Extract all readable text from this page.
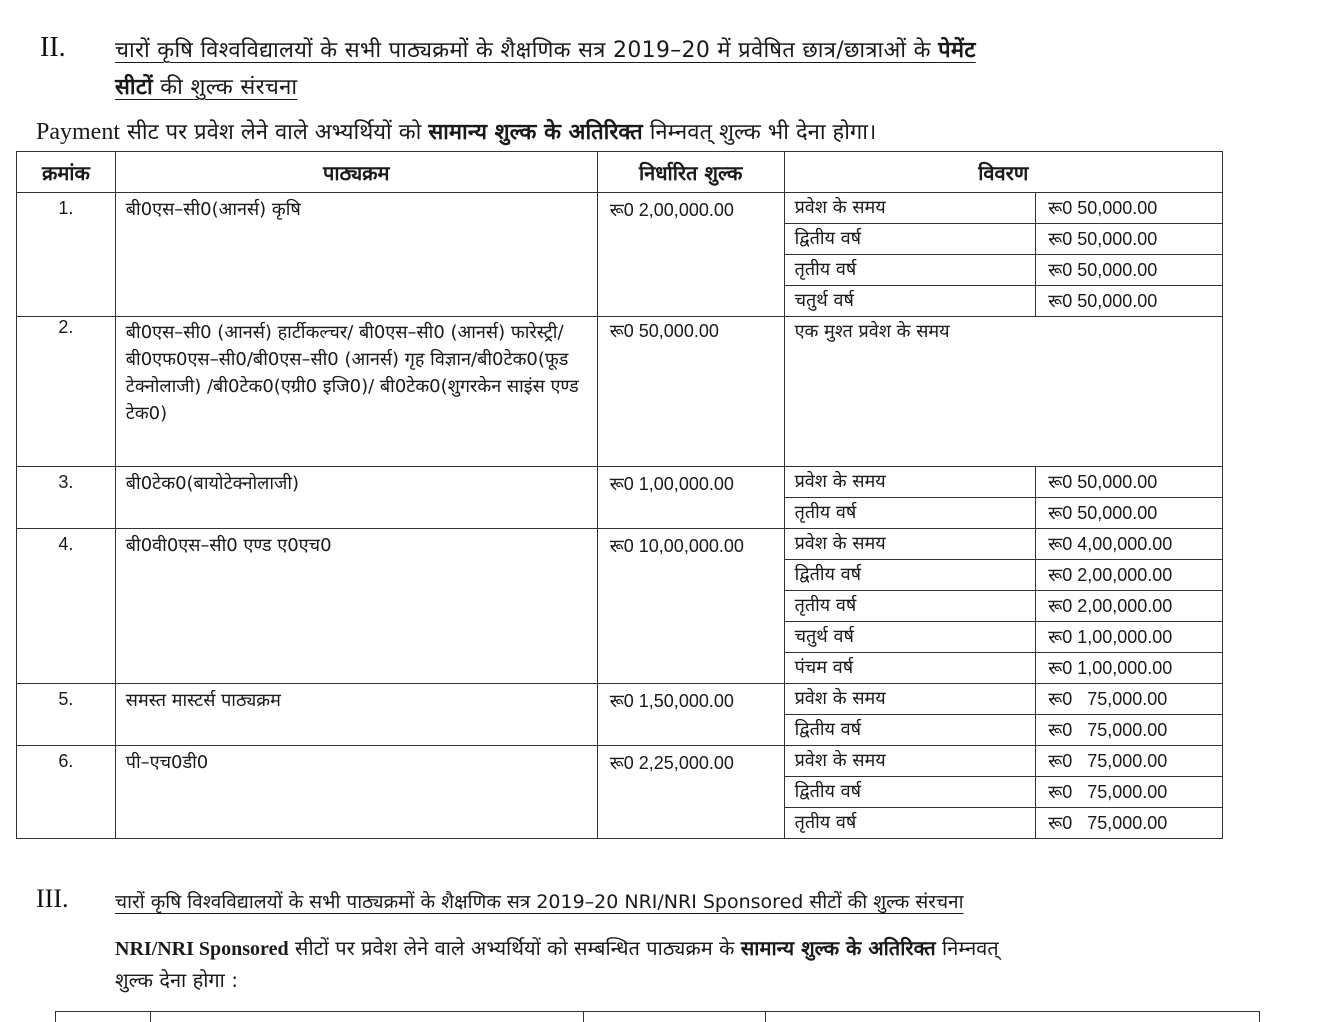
II. चारों कृषि विश्वविद्यालयों के सभी पाठ्यक्रमों के शैक्षणिक सत्र 2019–20 में प्रवेषित छात्र/छात्राओं के पेमेंट
सीटों की शुल्क संरचना
Payment सीट पर प्रवेश लेने वाले अभ्यर्थियों को सामान्य शुल्क के अतिरिक्त निम्नवत् शुल्क भी देना होगा।
क्रमांक	पाठ्यक्रम	निर्धारित शुल्क	विवरण	
1.	बी0एस–सी0(आनर्स) कृषि	रू0 2,00,000.00	प्रवेश के समय	रू0 50,000.00
			द्वितीय वर्ष	रू0 50,000.00
			तृतीय वर्ष	रू0 50,000.00
			चतुर्थ वर्ष	रू0 50,000.00
2.	बी0एस–सी0 (आनर्स) हार्टीकल्चर/ बी0एस–सी0 (आनर्स) फारेस्ट्री/ बी0एफ0एस–सी0/बी0एस–सी0 (आनर्स) गृह विज्ञान/बी0टेक0(फूड टेक्नोलाजी) /बी0टेक0(एग्री0 इजि0)/ बी0टेक0(शुगरकेन साइंस एण्ड टेक0)	रू0 50,000.00	एक मुश्त प्रवेश के समय	
3.	बी0टेक0(बायोटेक्नोलाजी)	रू0 1,00,000.00	प्रवेश के समय	रू0 50,000.00
			तृतीय वर्ष	रू0 50,000.00
4.	बी0वी0एस–सी0 एण्ड ए0एच0	रू0 10,00,000.00	प्रवेश के समय	रू0 4,00,000.00
			द्वितीय वर्ष	रू0 2,00,000.00
			तृतीय वर्ष	रू0 2,00,000.00
			चतुर्थ वर्ष	रू0 1,00,000.00
			पंचम वर्ष	रू0 1,00,000.00
5.	समस्त मास्टर्स पाठ्यक्रम	रू0 1,50,000.00	प्रवेश के समय	रू0   75,000.00
			द्वितीय वर्ष	रू0   75,000.00
6.	पी–एच0डी0	रू0 2,25,000.00	प्रवेश के समय	रू0   75,000.00
			द्वितीय वर्ष	रू0   75,000.00
			तृतीय वर्ष	रू0   75,000.00
III. चारों कृषि विश्वविद्यालयों के सभी पाठ्यक्रमों के शैक्षणिक सत्र 2019–20 NRI/NRI Sponsored सीटों की शुल्क संरचना
NRI/NRI Sponsored सीटों पर प्रवेश लेने वाले अभ्यर्थियों को सम्बन्धित पाठ्यक्रम के सामान्य शुल्क के अतिरिक्त निम्नवत्
शुल्क देना होगा :
